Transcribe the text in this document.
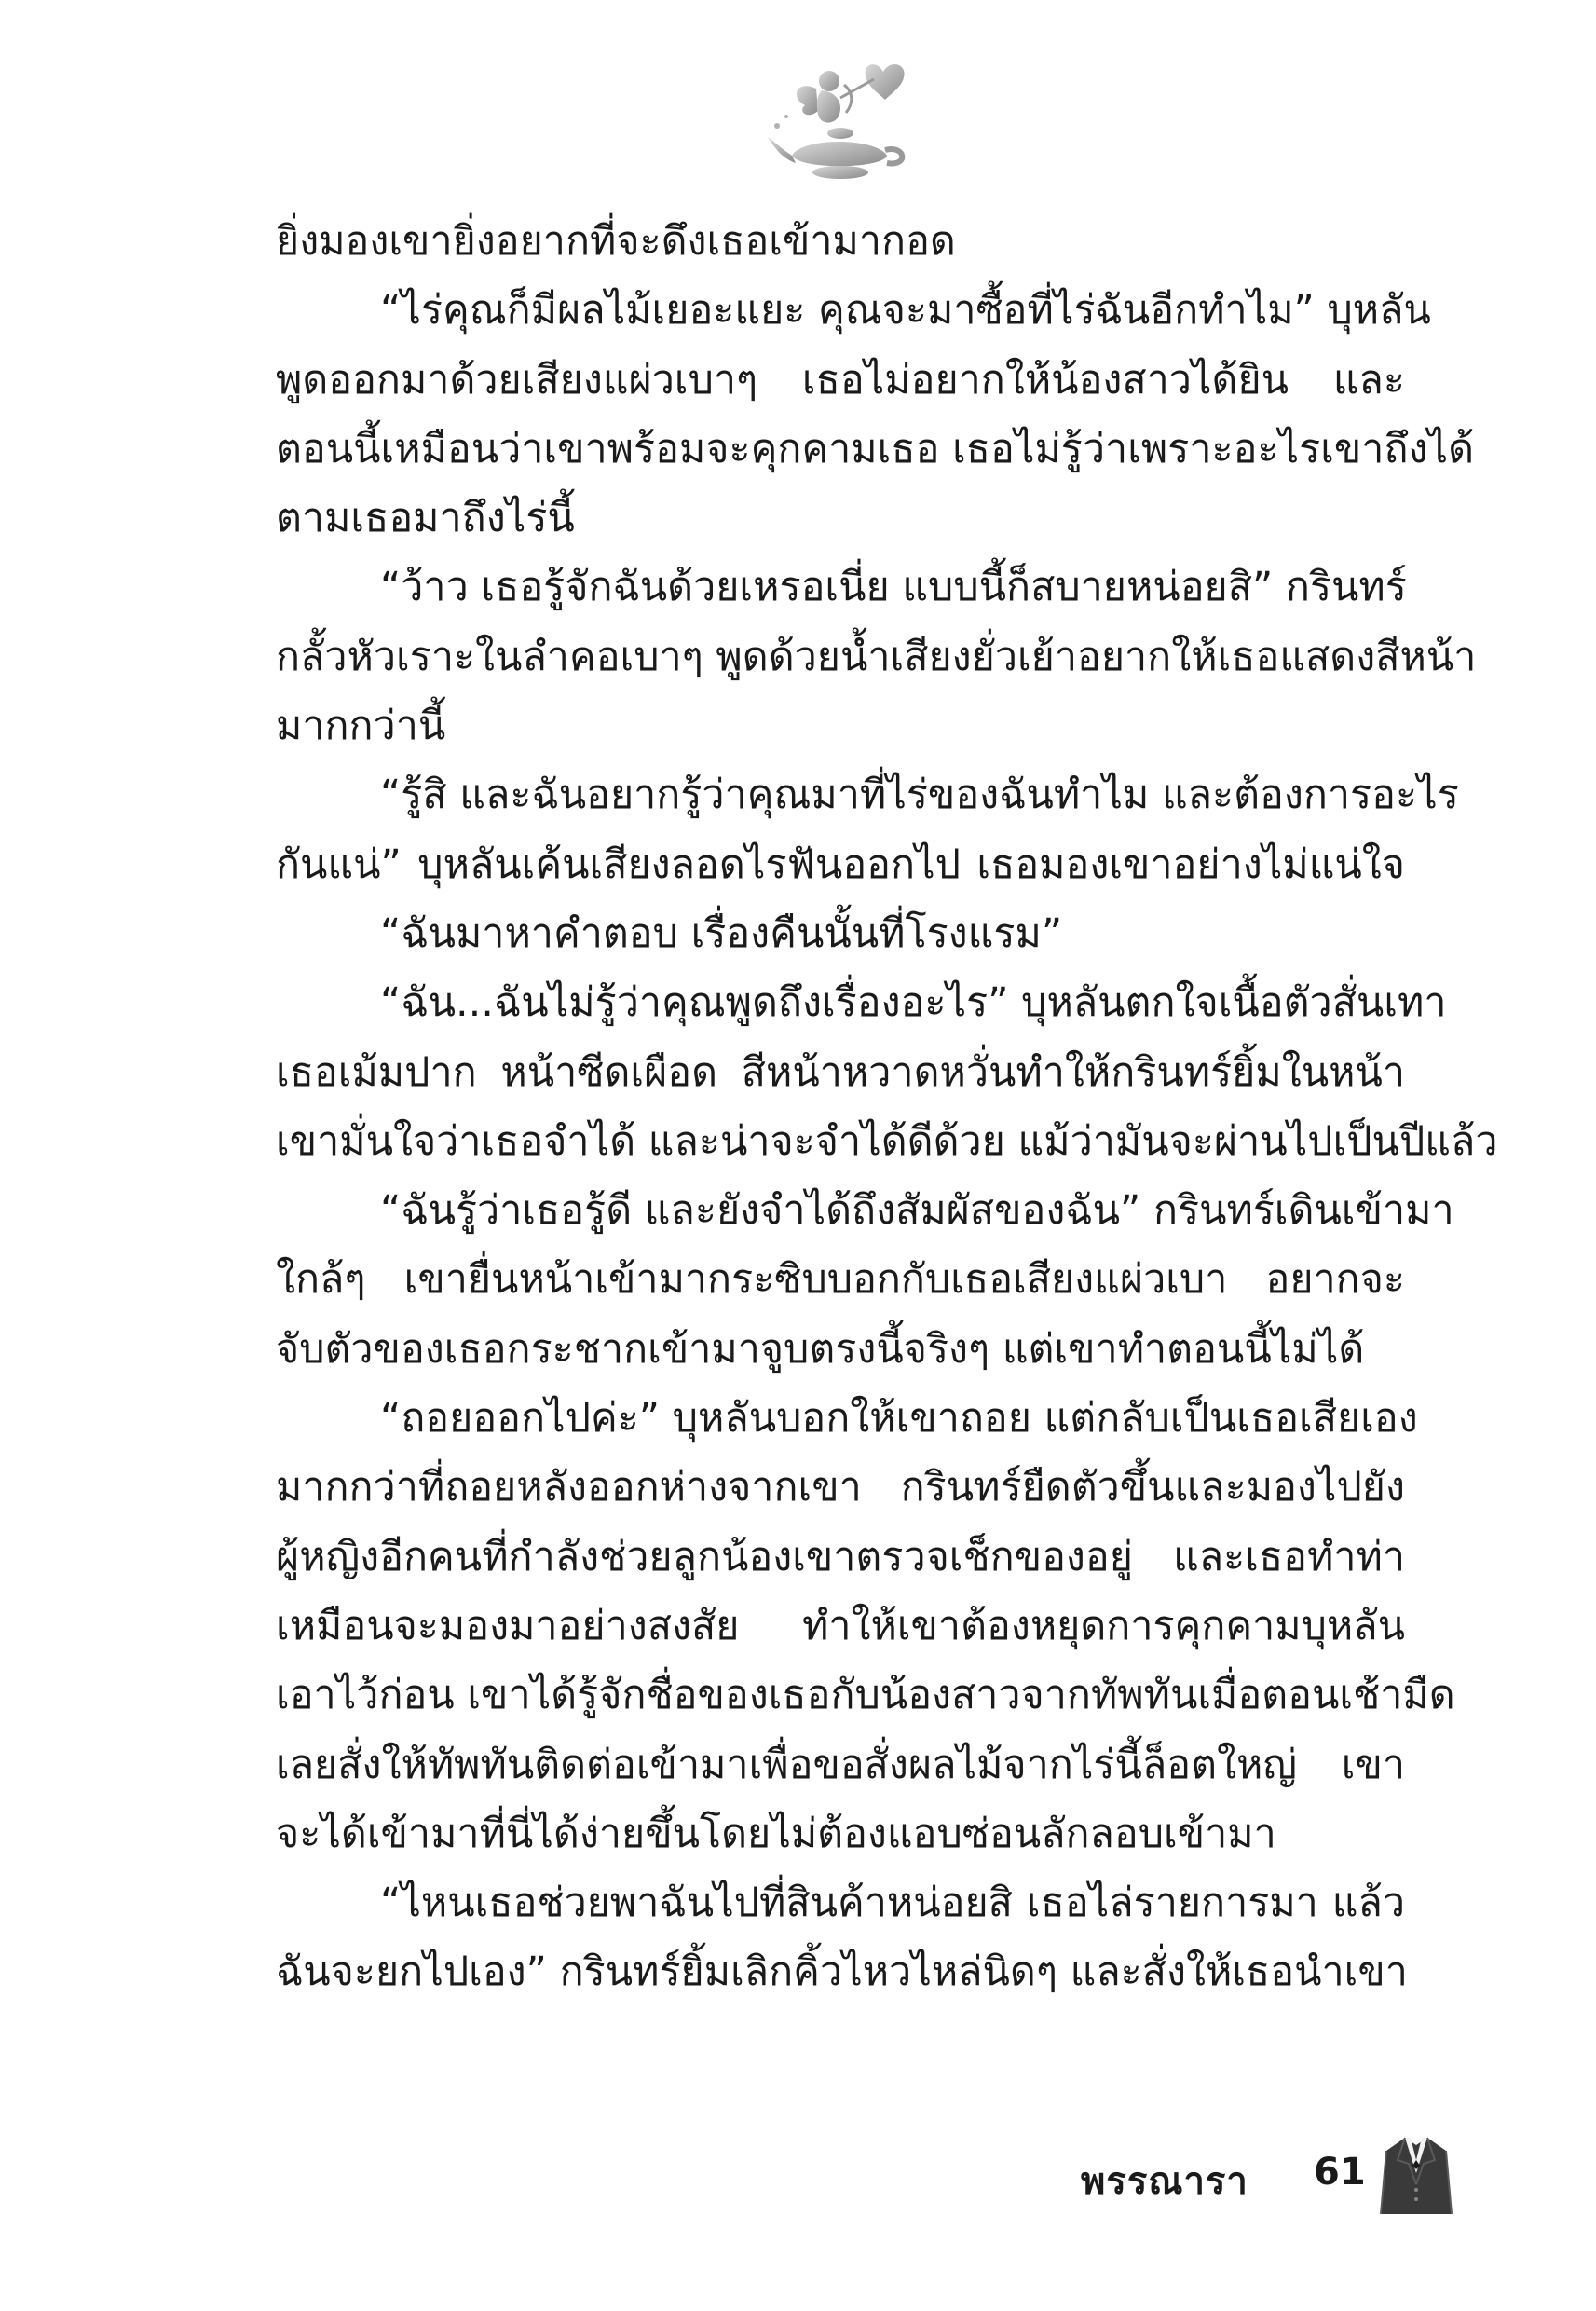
ยิ่งมองเขายิ่งอยากที่จะดึงเธอเข้ามากอด
“ไร่คุณก็มีผลไม้เยอะแยะ คุณจะมาซื้อที่ไร่ฉันอีกทำไม” บุหลัน
พูดออกมาด้วยเสียงแผ่วเบาๆ เธอไม่อยากให้น้องสาวได้ยิน และ
ตอนนี้เหมือนว่าเขาพร้อมจะคุกคามเธอ เธอไม่รู้ว่าเพราะอะไรเขาถึงได้
ตามเธอมาถึงไร่นี้
“ว้าว เธอรู้จักฉันด้วยเหรอเนี่ย แบบนี้ก็สบายหน่อยสิ” กรินทร์
กลั้วหัวเราะในลำคอเบาๆ พูดด้วยน้ำเสียงยั่วเย้าอยากให้เธอแสดงสีหน้า
มากกว่านี้
“รู้สิ และฉันอยากรู้ว่าคุณมาที่ไร่ของฉันทำไม และต้องการอะไร
กันแน่” บุหลันเค้นเสียงลอดไรฟันออกไป เธอมองเขาอย่างไม่แน่ใจ
“ฉันมาหาคำตอบ เรื่องคืนนั้นที่โรงแรม”
“ฉัน...ฉันไม่รู้ว่าคุณพูดถึงเรื่องอะไร” บุหลันตกใจเนื้อตัวสั่นเทา
เธอเม้มปาก หน้าซีดเผือด สีหน้าหวาดหวั่นทำให้กรินทร์ยิ้มในหน้า
เขามั่นใจว่าเธอจำได้ และน่าจะจำได้ดีด้วย แม้ว่ามันจะผ่านไปเป็นปีแล้ว
“ฉันรู้ว่าเธอรู้ดี และยังจำได้ถึงสัมผัสของฉัน” กรินทร์เดินเข้ามา
ใกล้ๆ เขายื่นหน้าเข้ามากระซิบบอกกับเธอเสียงแผ่วเบา อยากจะ
จับตัวของเธอกระชากเข้ามาจูบตรงนี้จริงๆ แต่เขาทำตอนนี้ไม่ได้
“ถอยออกไปค่ะ” บุหลันบอกให้เขาถอย แต่กลับเป็นเธอเสียเอง
มากกว่าที่ถอยหลังออกห่างจากเขา กรินทร์ยืดตัวขึ้นและมองไปยัง
ผู้หญิงอีกคนที่กำลังช่วยลูกน้องเขาตรวจเช็กของอยู่ และเธอทำท่า
เหมือนจะมองมาอย่างสงสัย ทำให้เขาต้องหยุดการคุกคามบุหลัน
เอาไว้ก่อน เขาได้รู้จักชื่อของเธอกับน้องสาวจากทัพทันเมื่อตอนเช้ามืด
เลยสั่งให้ทัพทันติดต่อเข้ามาเพื่อขอสั่งผลไม้จากไร่นี้ล็อตใหญ่ เขา
จะได้เข้ามาที่นี่ได้ง่ายขึ้นโดยไม่ต้องแอบซ่อนลักลอบเข้ามา
“ไหนเธอช่วยพาฉันไปที่สินค้าหน่อยสิ เธอไล่รายการมา แล้ว
ฉันจะยกไปเอง” กรินทร์ยิ้มเลิกคิ้วไหวไหล่นิดๆ และสั่งให้เธอนำเขา
พรรณารา 61
